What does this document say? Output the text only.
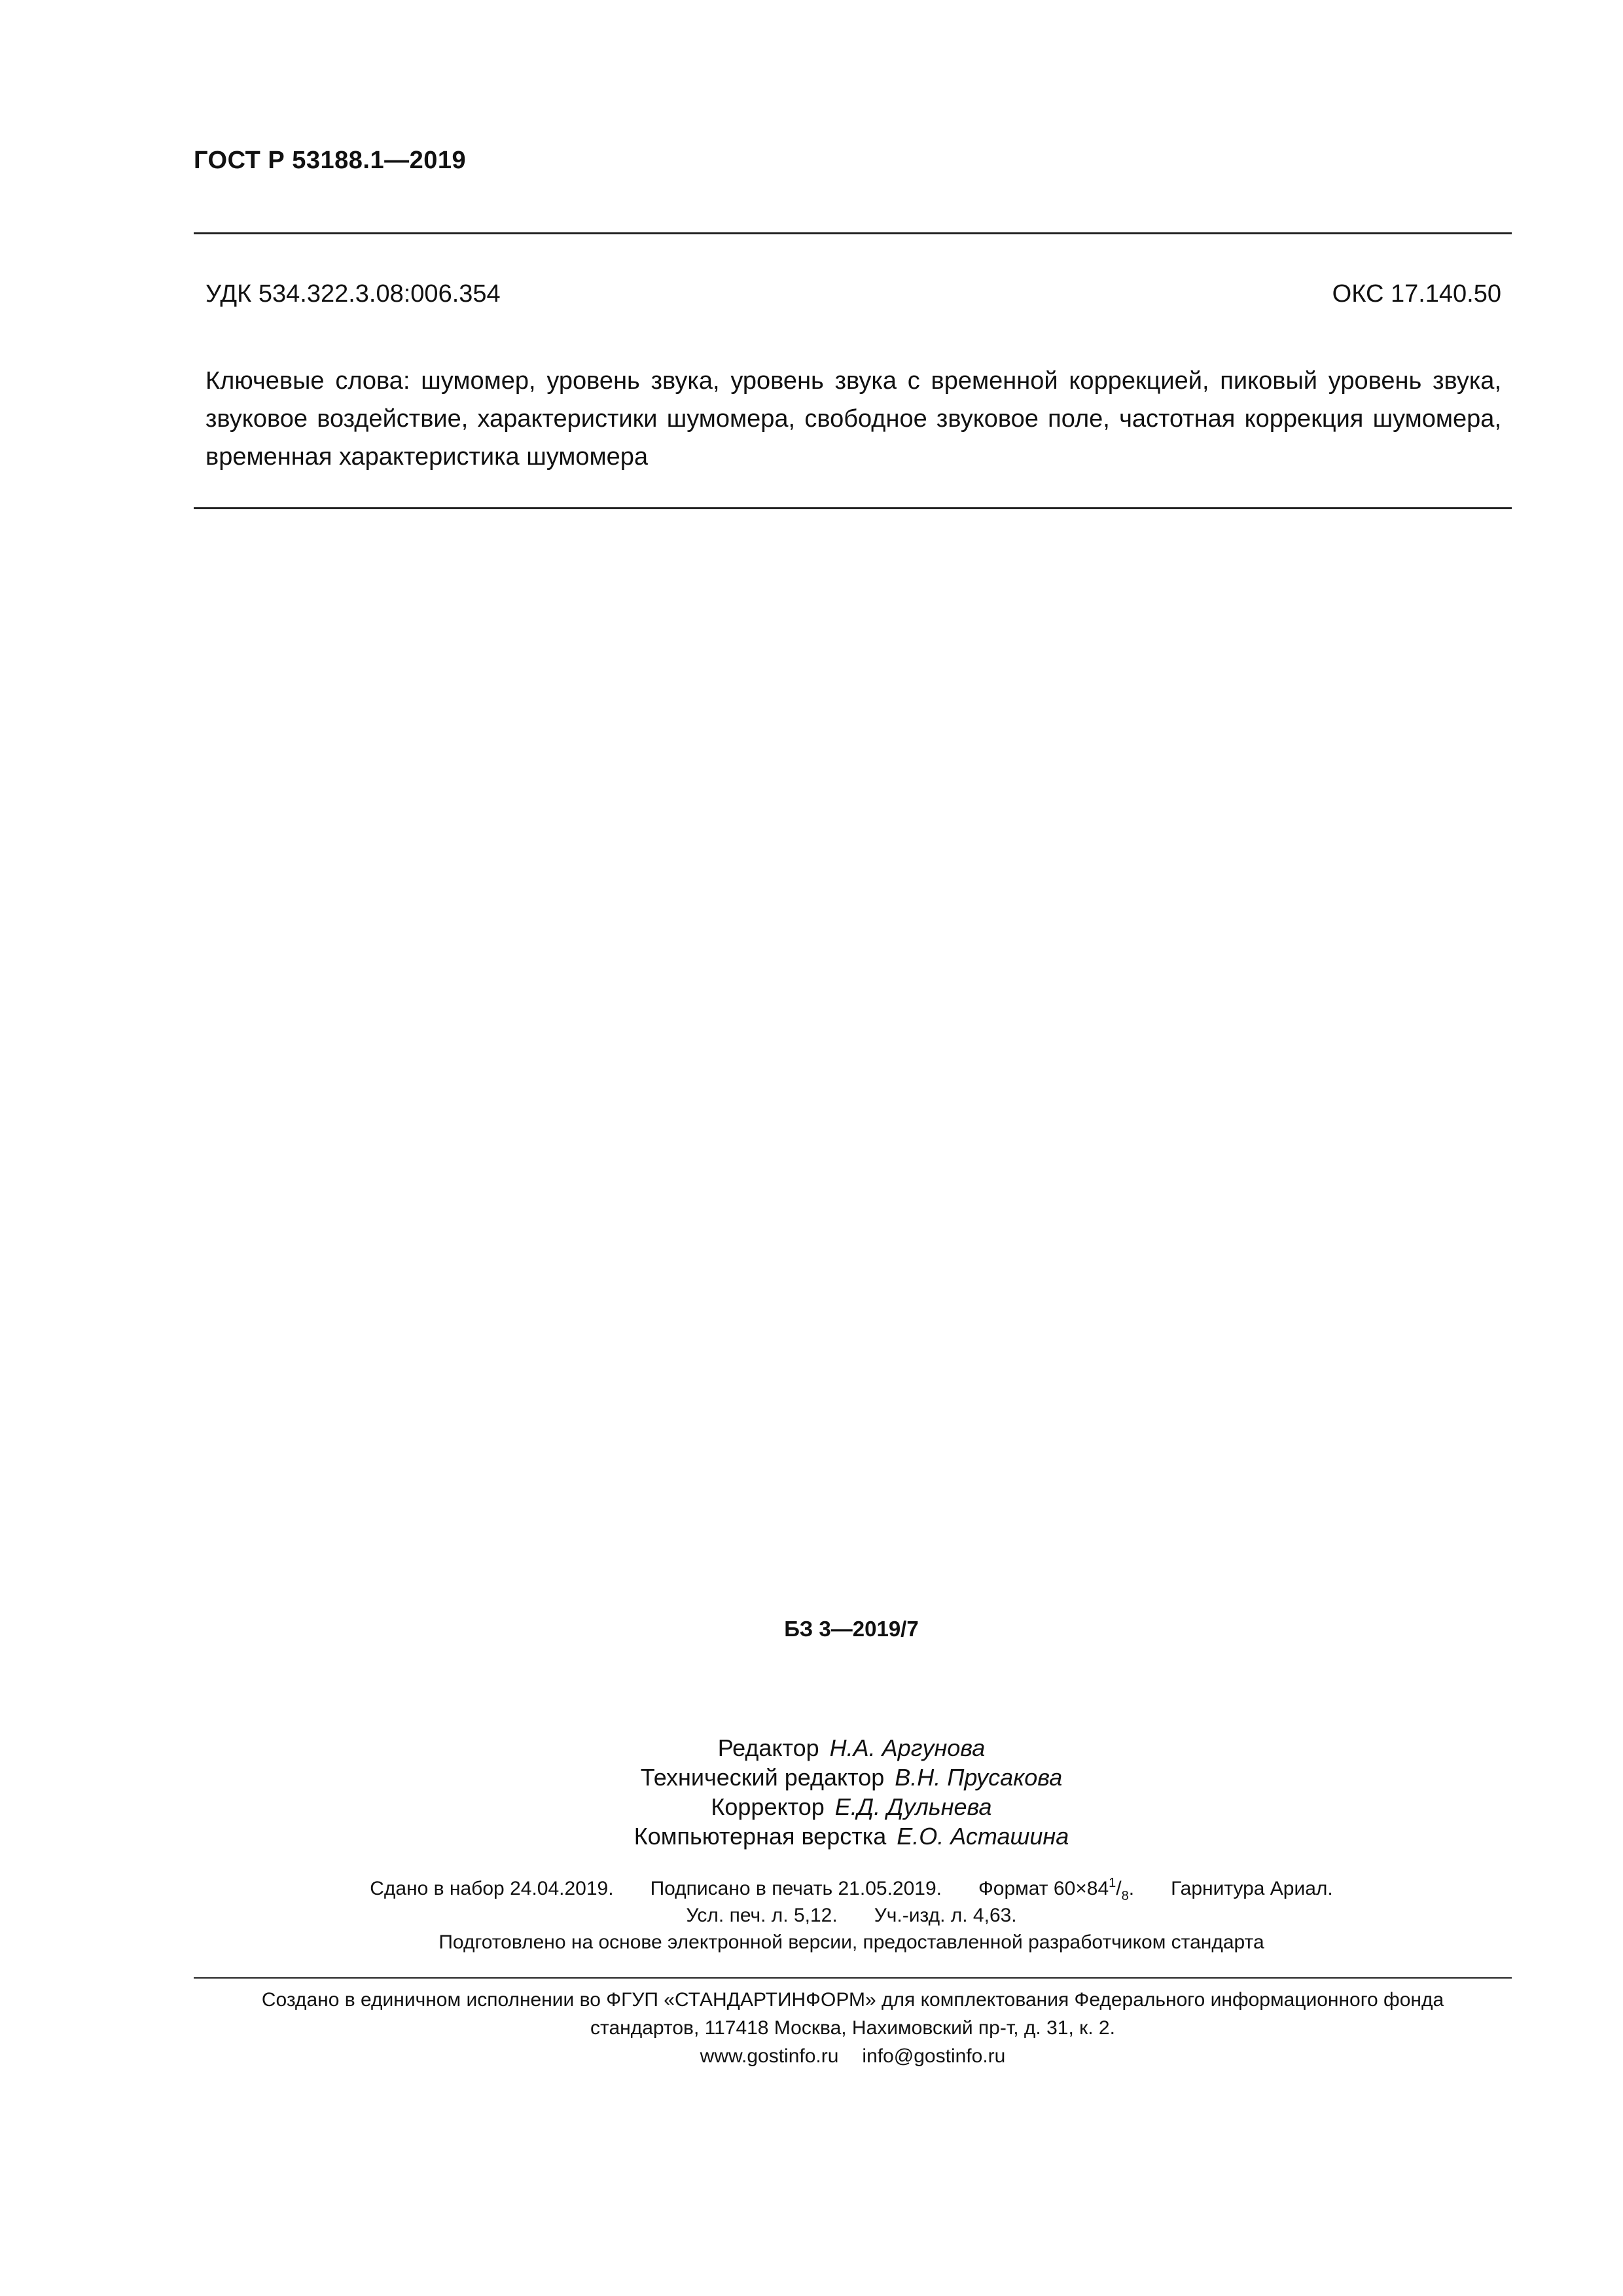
ГОСТ Р 53188.1—2019
УДК 534.322.3.08:006.354	ОКС 17.140.50
Ключевые слова: шумомер, уровень звука, уровень звука с временной коррекцией, пиковый уровень звука, звуковое воздействие, характеристики шумомера, свободное звуковое поле, частотная коррекция шумомера, временная характеристика шумомера
БЗ 3—2019/7
Редактор Н.А. Аргунова
Технический редактор В.Н. Прусакова
Корректор Е.Д. Дульнева
Компьютерная верстка Е.О. Асташина
Сдано в набор 24.04.2019. Подписано в печать 21.05.2019. Формат $60\times 84^1/_8$. Гарнитура Ариал.
Усл. печ. л. 5,12. Уч.-изд. л. 4,63.
Подготовлено на основе электронной версии, предоставленной разработчиком стандарта
Создано в единичном исполнении во ФГУП «СТАНДАРТИНФОРМ» для комплектования Федерального информационного фонда
стандартов, 117418 Москва, Нахимовский пр-т, д. 31, к. 2.
www.gostinfo.ru info@gostinfo.ru
